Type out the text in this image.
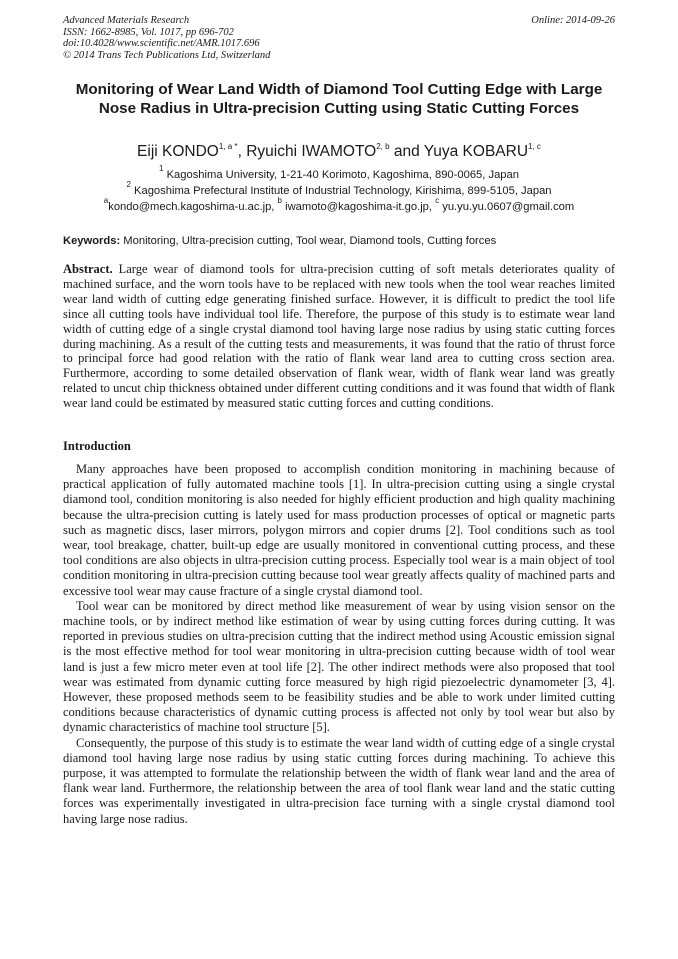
Advanced Materials Research
ISSN: 1662-8985, Vol. 1017, pp 696-702
doi:10.4028/www.scientific.net/AMR.1017.696
© 2014 Trans Tech Publications Ltd, Switzerland
Online: 2014-09-26
Monitoring of Wear Land Width of Diamond Tool Cutting Edge with Large Nose Radius in Ultra-precision Cutting using Static Cutting Forces
Eiji $KONDO^{1, a *}$, Ryuichi IWAMOTO$^{2, b}$ and Yuya KOBARU$^{1, c}$
$^1$ Kagoshima University, 1-21-40 Korimoto, Kagoshima, 890-0065, Japan
$^2$ Kagoshima Prefectural Institute of Industrial Technology, Kirishima, 899-5105, Japan
$^a$kondo@mech.kagoshima-u.ac.jp, $^b$ iwamoto@kagoshima-it.go.jp, $^c$ yu.yu.yu.0607@gmail.com
Keywords: Monitoring, Ultra-precision cutting, Tool wear, Diamond tools, Cutting forces

Abstract. Large wear of diamond tools for ultra-precision cutting of soft metals deteriorates quality of machined surface, and the worn tools have to be replaced with new tools when the tool wear reaches limited wear land width of cutting edge generating finished surface. However, it is difficult to predict the tool life since all cutting tools have individual tool life. Therefore, the purpose of this study is to estimate wear land width of cutting edge of a single crystal diamond tool having large nose radius by using static cutting forces during machining. As a result of the cutting tests and measurements, it was found that the ratio of thrust force to principal force had good relation with the ratio of flank wear land area to cutting cross section area. Furthermore, according to some detailed observation of flank wear, width of flank wear land was greatly related to uncut chip thickness obtained under different cutting conditions and it was found that width of flank wear land could be estimated by measured static cutting forces and cutting conditions.

Introduction

Many approaches have been proposed to accomplish condition monitoring in machining because of practical application of fully automated machine tools [1]. In ultra-precision cutting using a single crystal diamond tool, condition monitoring is also needed for highly efficient production and high quality machining because the ultra-precision cutting is lately used for mass production processes of optical or magnetic parts such as magnetic discs, laser mirrors, polygon mirrors and copier drums [2]. Tool conditions such as tool wear, tool breakage, chatter, built-up edge are usually monitored in conventional cutting process, and these tool conditions are also objects in ultra-precision cutting process. Especially tool wear is a main object of tool condition monitoring in ultra-precision cutting because tool wear greatly affects quality of machined parts and excessive tool wear may cause fracture of a single crystal diamond tool.

Tool wear can be monitored by direct method like measurement of wear by using vision sensor on the machine tools, or by indirect method like estimation of wear by using cutting forces during cutting. It was reported in previous studies on ultra-precision cutting that the indirect method using Acoustic emission signal is the most effective method for tool wear monitoring in ultra-precision cutting because width of tool wear land is just a few micro meter even at tool life [2]. The other indirect methods were also proposed that tool wear was estimated from dynamic cutting force measured by high rigid piezoelectric dynamometer [3, 4]. However, these proposed methods seem to be feasibility studies and be able to work under limited cutting conditions because characteristics of dynamic cutting process is affected not only by tool wear but also by dynamic characteristics of machine tool structure [5].

Consequently, the purpose of this study is to estimate the wear land width of cutting edge of a single crystal diamond tool having large nose radius by using static cutting forces during machining. To achieve this purpose, it was attempted to formulate the relationship between the width of flank wear land and the area of flank wear land. Furthermore, the relationship between the area of tool flank wear land and the static cutting forces was experimentally investigated in ultra-precision face turning with a single crystal diamond tool having large nose radius.
